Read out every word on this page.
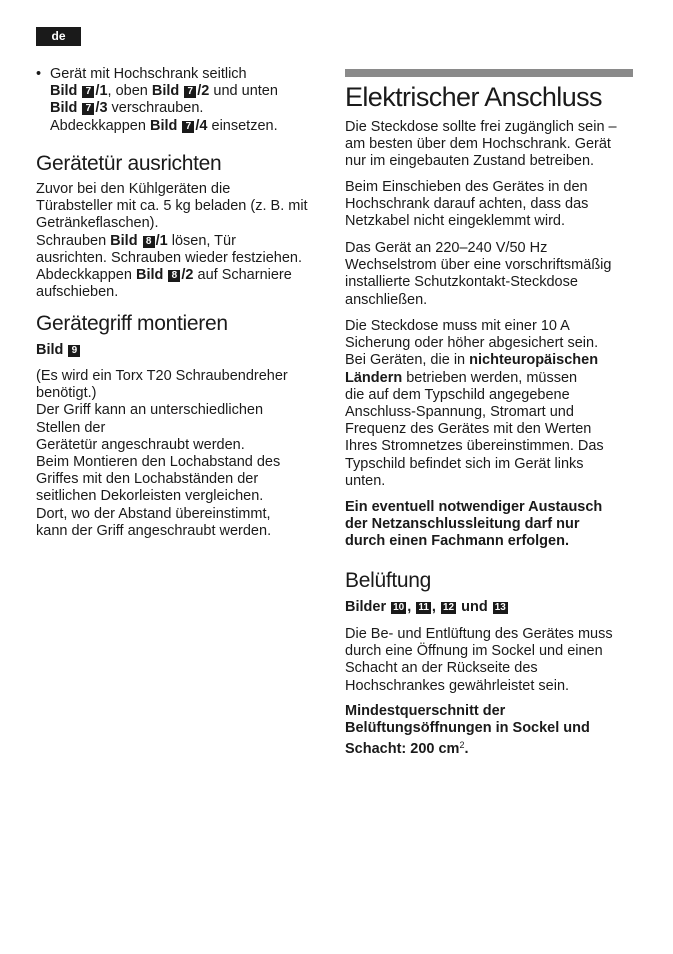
de
• Gerät mit Hochschrank seitlich
Bild 7 /1, oben Bild 7 /2 und unten
Bild 7 /3 verschrauben.
Abdeckkappen Bild 7 /4 einsetzen.

Gerätetür ausrichten

Zuvor bei den Kühlgeräten die
Türabsteller mit ca. 5 kg beladen (z. B. mit
Getränkeflaschen).
Schrauben Bild 8 /1 lösen, Tür
ausrichten. Schrauben wieder festziehen.
Abdeckkappen Bild 8 /2 auf Scharniere
aufschieben.

Gerätegriff montieren

Bild 9

(Es wird ein Torx T20 Schraubendreher
benötigt.)
Der Griff kann an unterschiedlichen
Stellen der
Gerätetür angeschraubt werden.
Beim Montieren den Lochabstand des
Griffes mit den Lochabständen der
seitlichen Dekorleisten vergleichen.
Dort, wo der Abstand übereinstimmt,
kann der Griff angeschraubt werden.

Elektrischer Anschluss

Die Steckdose sollte frei zugänglich sein –
am besten über dem Hochschrank. Gerät
nur im eingebauten Zustand betreiben.

Beim Einschieben des Gerätes in den
Hochschrank darauf achten, dass das
Netzkabel nicht eingeklemmt wird.

Das Gerät an 220–240 V/50 Hz
Wechselstrom über eine vorschriftsmäßig
installierte Schutzkontakt-Steckdose
anschließen.

Die Steckdose muss mit einer 10 A
Sicherung oder höher abgesichert sein.
Bei Geräten, die in nichteuropäischen
Ländern betrieben werden, müssen
die auf dem Typschild angegebene
Anschluss-Spannung, Stromart und
Frequenz des Gerätes mit den Werten
Ihres Stromnetzes übereinstimmen. Das
Typschild befindet sich im Gerät links
unten.

Ein eventuell notwendiger Austausch
der Netzanschlussleitung darf nur
durch einen Fachmann erfolgen.

Belüftung

Bilder 10 , 11 , 12 und 13

Die Be- und Entlüftung des Gerätes muss
durch eine Öffnung im Sockel und einen
Schacht an der Rückseite des
Hochschrankes gewährleistet sein.

Mindestquerschnitt der
Belüftungsöffnungen in Sockel und
Schacht: 200 $cm^2$.
